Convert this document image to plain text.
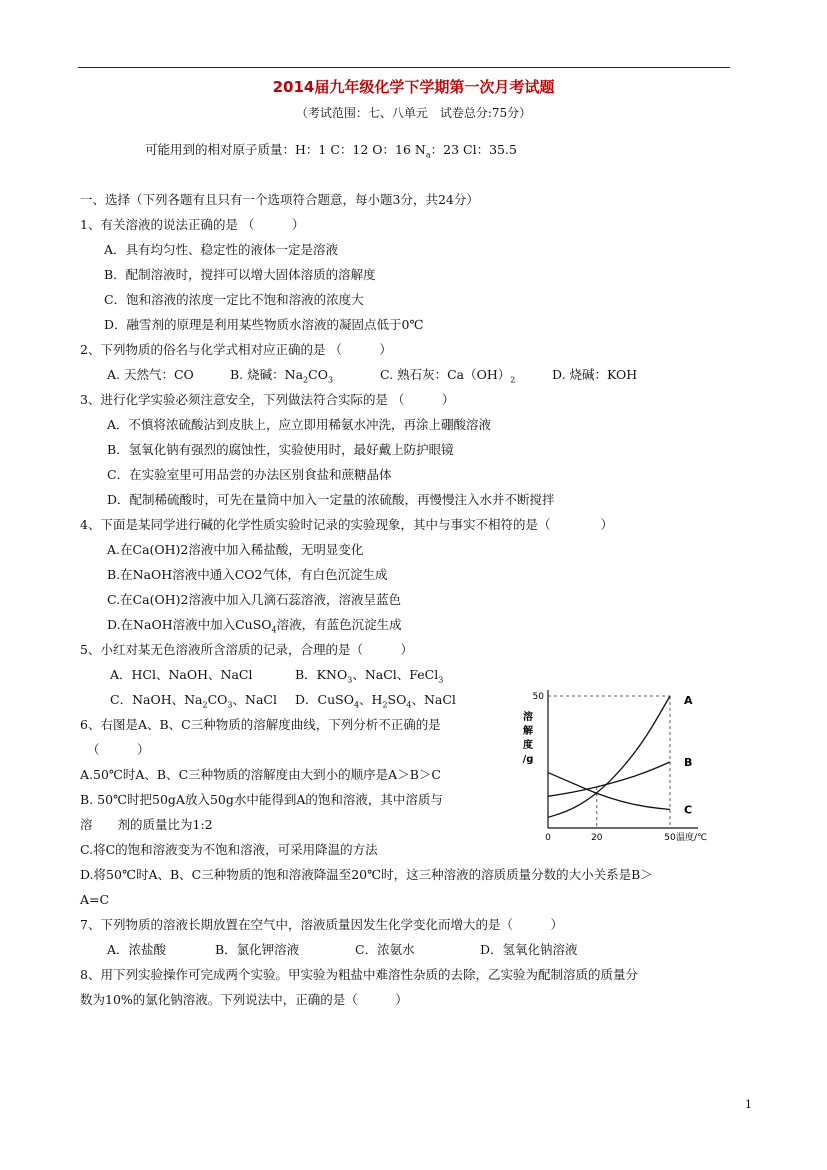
2014届九年级化学下学期第一次月考试题
（考试范围：七、八单元　试卷总分:75分）
可能用到的相对原子质量：H：1 C：12 O：16 $N_a$：23 Cl：35.5
一、选择（下列各题有且只有一个选项符合题意，每小题3分，共24分）
1、有关溶液的说法正确的是 （　　　）
A．具有均匀性、稳定性的液体一定是溶液
B．配制溶液时，搅拌可以增大固体溶质的溶解度
C．饱和溶液的浓度一定比不饱和溶液的浓度大
D．融雪剂的原理是利用某些物质水溶液的凝固点低于0℃
2、下列物质的俗名与化学式相对应正确的是 （　　　）
A. 天然气：CO	B. 烧碱：$Na_2CO_3$	C. 熟石灰：$Ca(OH)_2$	D. 烧碱：KOH
3、进行化学实验必须注意安全，下列做法符合实际的是 （　　　）
A．不慎将浓硫酸沾到皮肤上，应立即用稀氨水冲洗，再涂上硼酸溶液
B．氢氧化钠有强烈的腐蚀性，实验使用时，最好戴上防护眼镜
C．在实验室里可用品尝的办法区别食盐和蔗糖晶体
D．配制稀硫酸时，可先在量筒中加入一定量的浓硫酸，再慢慢注入水并不断搅拌
4、下面是某同学进行碱的化学性质实验时记录的实验现象，其中与事实不相符的是（　　　　）
A.在Ca(OH)2溶液中加入稀盐酸，无明显变化
B.在NaOH溶液中通入CO2气体，有白色沉淀生成
C.在Ca(OH)2溶液中加入几滴石蕊溶液，溶液呈蓝色
D.在NaOH溶液中加入CuSO$_4$溶液，有蓝色沉淀生成
5、小红对某无色溶液所含溶质的记录，合理的是（　　　）
A．HCl、NaOH、NaCl	B．$KNO_3$、NaCl、FeCl$_3$
C．NaOH、$Na_2CO_3$、NaCl D．CuSO$_4$、$H_2SO_4$、NaCl
6、右图是A、B、C三种物质的溶解度曲线，下列分析不正确的是
（　　　）
A.50℃时A、B、C三种物质的溶解度由大到小的顺序是A＞B＞C
B. 50℃时把50gA放入50g水中能得到A的饱和溶液，其中溶质与
溶　　剂的质量比为1:2
C.将C的饱和溶液变为不饱和溶液，可采用降温的方法
D.将50℃时A、B、C三种物质的饱和溶液降温至20℃时，这三种溶液的溶质质量分数的大小关系是B＞
A=C
0	20	50
50
溶
解
度
/g
温度/℃
A
B
C
7、下列物质的溶液长期放置在空气中，溶液质量因发生化学变化而增大的是（　　　）
A．浓盐酸	B．氯化钾溶液	C．浓氨水	D．氢氧化钠溶液
8、用下列实验操作可完成两个实验。甲实验为粗盐中难溶性杂质的去除，乙实验为配制溶质的质量分
数为10%的氯化钠溶液。下列说法中，正确的是（　　　）
1
